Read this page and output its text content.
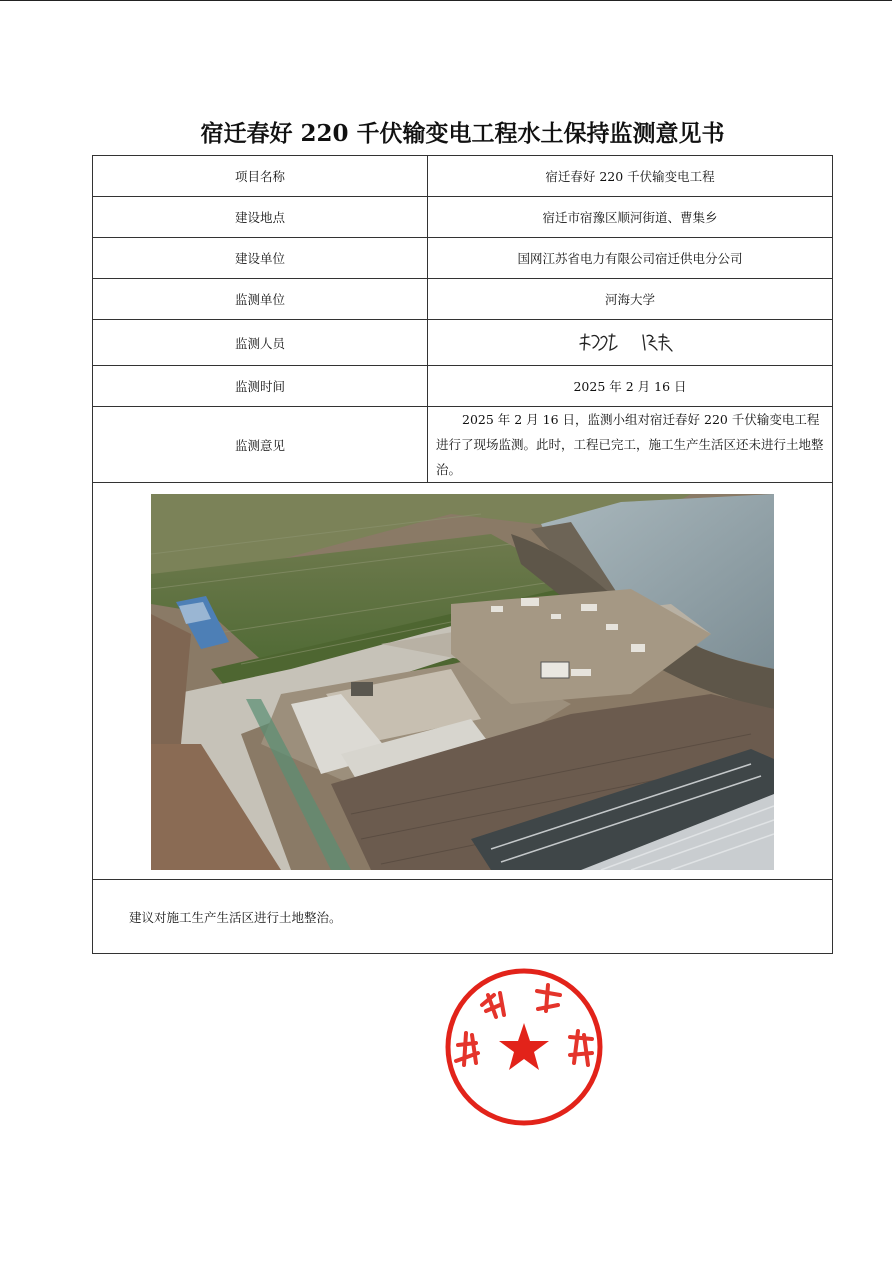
宿迁春好 220 千伏输变电工程水土保持监测意见书
项目名称	宿迁春好 220 千伏输变电工程
建设地点	宿迁市宿豫区顺河街道、曹集乡
建设单位	国网江苏省电力有限公司宿迁供电分公司
监测单位	河海大学
监测人员	
监测时间	2025 年 2 月 16 日
监测意见	2025 年 2 月 16 日，监测小组对宿迁春好 220 千伏输变电工程进行了现场监测。此时，工程已完工，施工生产生活区还未进行土地整治。

建议对施工生产生活区进行土地整治。	
